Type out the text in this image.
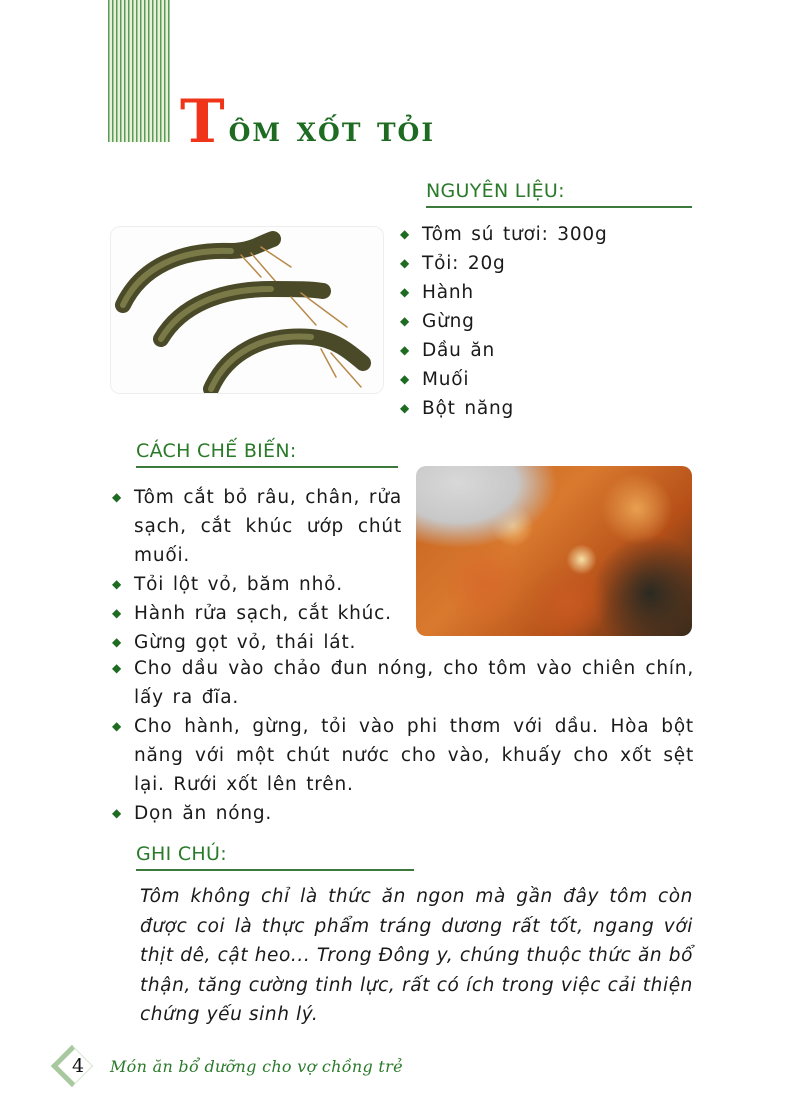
T ôm xốt tỏi
NGUYÊN LIỆU:
◆ Tôm sú tươi: 300g
◆ Tỏi: 20g
◆ Hành
◆ Gừng
◆ Dầu ăn
◆ Muối
◆ Bột năng
CÁCH CHẾ BIẾN:
◆ Tôm cắt bỏ râu, chân, rửa sạch, cắt khúc ướp chút muối.
◆ Tỏi lột vỏ, băm nhỏ.
◆ Hành rửa sạch, cắt khúc.
◆ Gừng gọt vỏ, thái lát.
◆ Cho dầu vào chảo đun nóng, cho tôm vào chiên chín, lấy ra đĩa.
◆ Cho hành, gừng, tỏi vào phi thơm với dầu. Hòa bột năng với một chút nước cho vào, khuấy cho xốt sệt lại. Rưới xốt lên trên.
◆ Dọn ăn nóng.
GHI CHÚ:

Tôm không chỉ là thức ăn ngon mà gần đây tôm còn được coi là thực phẩm tráng dương rất tốt, ngang với thịt dê, cật heo... Trong Đông y, chúng thuộc thức ăn bổ thận, tăng cường tinh lực, rất có ích trong việc cải thiện chứng yếu sinh lý.

4	Món ăn bổ dưỡng cho vợ chồng trẻ
